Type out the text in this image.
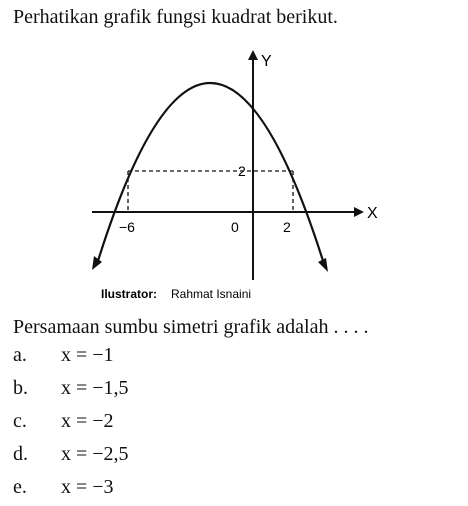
Perhatikan grafik fungsi kuadrat berikut.
Y
X
2
−6	0	2
Ilustrator: Rahmat Isnaini
Persamaan sumbu simetri grafik adalah . . . .
a. x = −1
b. x = −1,5
c. x = −2
d. x = −2,5
e. x = −3
